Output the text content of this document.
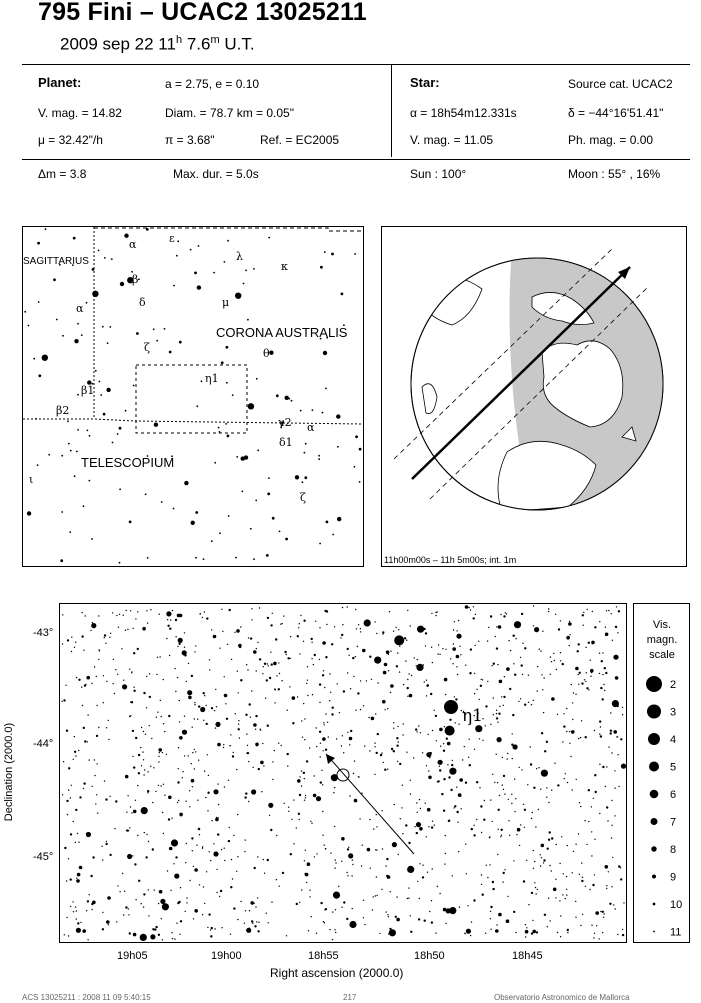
795 Fini – UCAC2 13025211
2009 sep 22 11$^h$ 7.6$^m$ U.T.
Planet:	a = 2.75, e = 0.10
V. mag. = 14.82	Diam. = 78.7 km = 0.05"
μ = 32.42"/h	π = 3.68"	Ref. = EC2005
Star:	Source cat. UCAC2
α = 18h54m12.331s	δ = −44°16'51.41"
V. mag. = 11.05	Ph. mag. = 0.00
Δm = 3.8	Max. dur. = 5.0s	Sun : 100°	Moon : 55° , 16%
SAGITTARIUS
CORONA AUSTRALIS
TELESCOPIUM
α	ε
λ
κ
β
δ	μ
α
ζ
η1
θ
β1
β2
γ2
δ1
α
ι
ζ
11h00m00s – 11h 5m00s; int. 1m
η1
-43°
-44°
-45°
Declination (2000.0)
19h05	19h00	18h55	18h50	18h45
Right ascension (2000.0)
Vis.
magn.
scale
2
3
4
5
6
7
8
9
10
11
ACS 13025211 : 2008 11 09 5:40:15	217	Observatorio Astronomico de Mallorca
